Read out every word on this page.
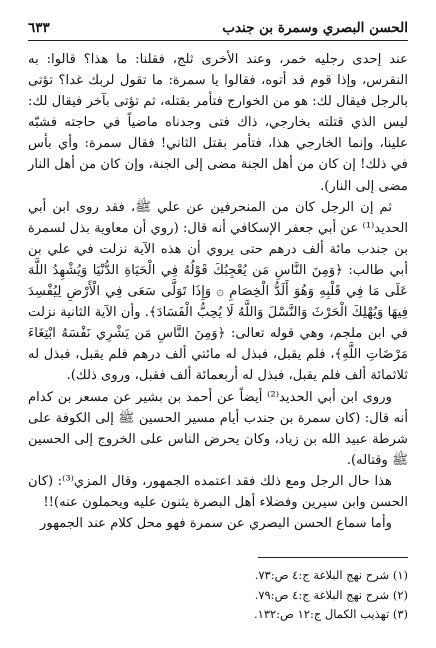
الحسن البصري وسمرة بن جندب
٦٣٣

عند إحدى رجليه خمر، وعند الأخرى ثلج، فقلنا: ما هذا؟ قالوا: به النقرس، وإذا قوم قد أتوه، فقالوا يا سمرة: ما تقول لربك غدا؟ تؤتى بالرجل فيقال لك: هو من الخوارج فتأمر بقتله، ثم تؤتى بآخر فيقال لك: ليس الذي قتلته بخارجي، ذاك فتى وجدناه ماضياً في حاجته فشبّه علينا، وإنما الخارجي هذا، فتأمر بقتل الثاني! فقال سمرة: وأي بأس في ذلك! إن كان من أهل الجنة مضى إلى الجنة، وإن كان من أهل النار مضى إلى النار).

ثم إن الرجل كان من المنحرفين عن علي ﷺ، فقد روى ابن أبي الحديد⁽¹⁾ عن أبي جعفر الإسكافي أنه قال: (روي أن معاوية بذل لسمرة بن جندب مائة ألف درهم حتى يروي أن هذه الآية نزلت في علي بن أبي طالب: ﴿وَمِنَ النَّاسِ مَن يُعْجِبُكَ قَوْلُهُ فِي الْحَيَاةِ الدُّنْيَا وَيُشْهِدُ اللَّهَ عَلَى مَا فِي قَلْبِهِ وَهُوَ أَلَدُّ الْخِصَامِ ۞ وَإِذَا تَوَلَّى سَعَى فِي الْأَرْضِ لِيُفْسِدَ فِيهَا وَيُهْلِكَ الْحَرْثَ وَالنَّسْلَ وَاللَّهُ لَا يُحِبُّ الْفَسَادَ﴾. وأن الآية الثانية نزلت في ابن ملجم، وهي قوله تعالى: ﴿وَمِنَ النَّاسِ مَن يَشْرِي نَفْسَهُ ابْتِغَاءَ مَرْضَاتِ اللَّهِ﴾، فلم يقبل، فبذل له مائتي ألف درهم فلم يقبل، فبذل له ثلاثمائة ألف فلم يقبل، فبذل له أربعمائة ألف فقبل، وروى ذلك).

وروى ابن أبي الحديد⁽²⁾ أيضاً عن أحمد بن بشير عن مسعر بن كدام أنه قال: (كان سمرة بن جندب أيام مسير الحسين ﷺ إلى الكوفة على شرطة عبيد الله بن زياد، وكان يحرض الناس على الخروج إلى الحسين ﷺ وقتاله).

هذا حال الرجل ومع ذلك فقد اعتمده الجمهور، وقال المزي⁽³⁾: (كان الحسن وابن سيرين وفضلاء أهل البصرة يثنون عليه ويحملون عنه)!!

وأما سماع الحسن البصري عن سمرة فهو محل كلام عند الجمهور

(١) شرح نهج البلاغة ج:٤ ص:٧٣.
(٢) شرح نهج البلاغة ج:٤ ص:٧٩.
(٣) تهذيب الكمال ج:١٢ ص:١٣٢.
